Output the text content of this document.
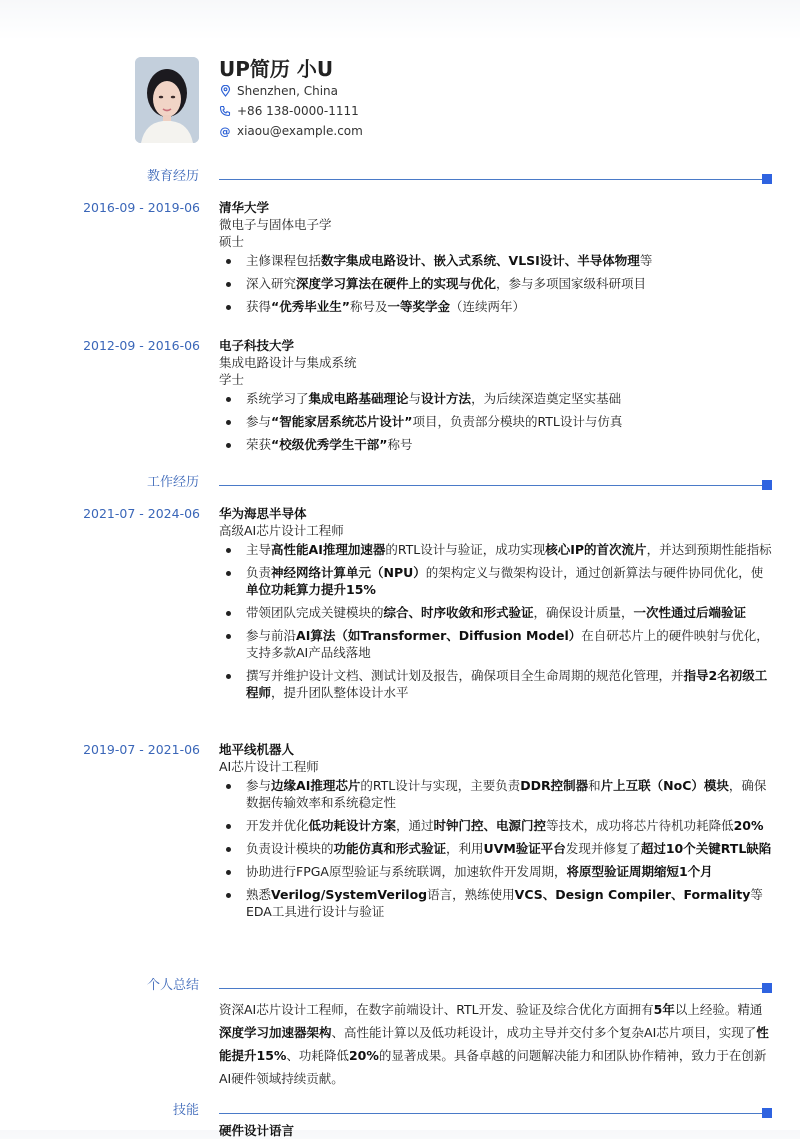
UP简历 小U
Shenzhen, China
+86 138-0000-1111
@ xiaou@example.com
教育经历
2016-09 - 2019-06 清华大学
微电子与固体电子学
硕士
主修课程包括数字集成电路设计、嵌入式系统、VLSI设计、半导体物理等
深入研究深度学习算法在硬件上的实现与优化，参与多项国家级科研项目
获得“优秀毕业生”称号及一等奖学金（连续两年）
2012-09 - 2016-06 电子科技大学
集成电路设计与集成系统
学士
系统学习了集成电路基础理论与设计方法，为后续深造奠定坚实基础
参与“智能家居系统芯片设计”项目，负责部分模块的RTL设计与仿真
荣获“校级优秀学生干部”称号
工作经历
2021-07 - 2024-06 华为海思半导体
高级AI芯片设计工程师
主导高性能AI推理加速器的RTL设计与验证，成功实现核心IP的首次流片，并达到预期性能指标
负责神经网络计算单元（NPU）的架构定义与微架构设计，通过创新算法与硬件协同优化，使单位功耗算力提升15%
带领团队完成关键模块的综合、时序收敛和形式验证，确保设计质量，一次性通过后端验证
参与前沿AI算法（如Transformer、Diffusion Model）在自研芯片上的硬件映射与优化，支持多款AI产品线落地
撰写并维护设计文档、测试计划及报告，确保项目全生命周期的规范化管理，并指导2名初级工程师，提升团队整体设计水平
2019-07 - 2021-06 地平线机器人
AI芯片设计工程师
参与边缘AI推理芯片的RTL设计与实现，主要负责DDR控制器和片上互联（NoC）模块，确保数据传输效率和系统稳定性
开发并优化低功耗设计方案，通过时钟门控、电源门控等技术，成功将芯片待机功耗降低20%
负责设计模块的功能仿真和形式验证，利用UVM验证平台发现并修复了超过10个关键RTL缺陷
协助进行FPGA原型验证与系统联调，加速软件开发周期，将原型验证周期缩短1个月
熟悉Verilog/SystemVerilog语言，熟练使用VCS、Design Compiler、Formality等EDA工具进行设计与验证
个人总结
资深AI芯片设计工程师，在数字前端设计、RTL开发、验证及综合优化方面拥有5年以上经验。精通深度学习加速器架构、高性能计算以及低功耗设计，成功主导并交付多个复杂AI芯片项目，实现了性能提升15%、功耗降低20%的显著成果。具备卓越的问题解决能力和团队协作精神，致力于在创新AI硬件领域持续贡献。
技能
硬件设计语言
